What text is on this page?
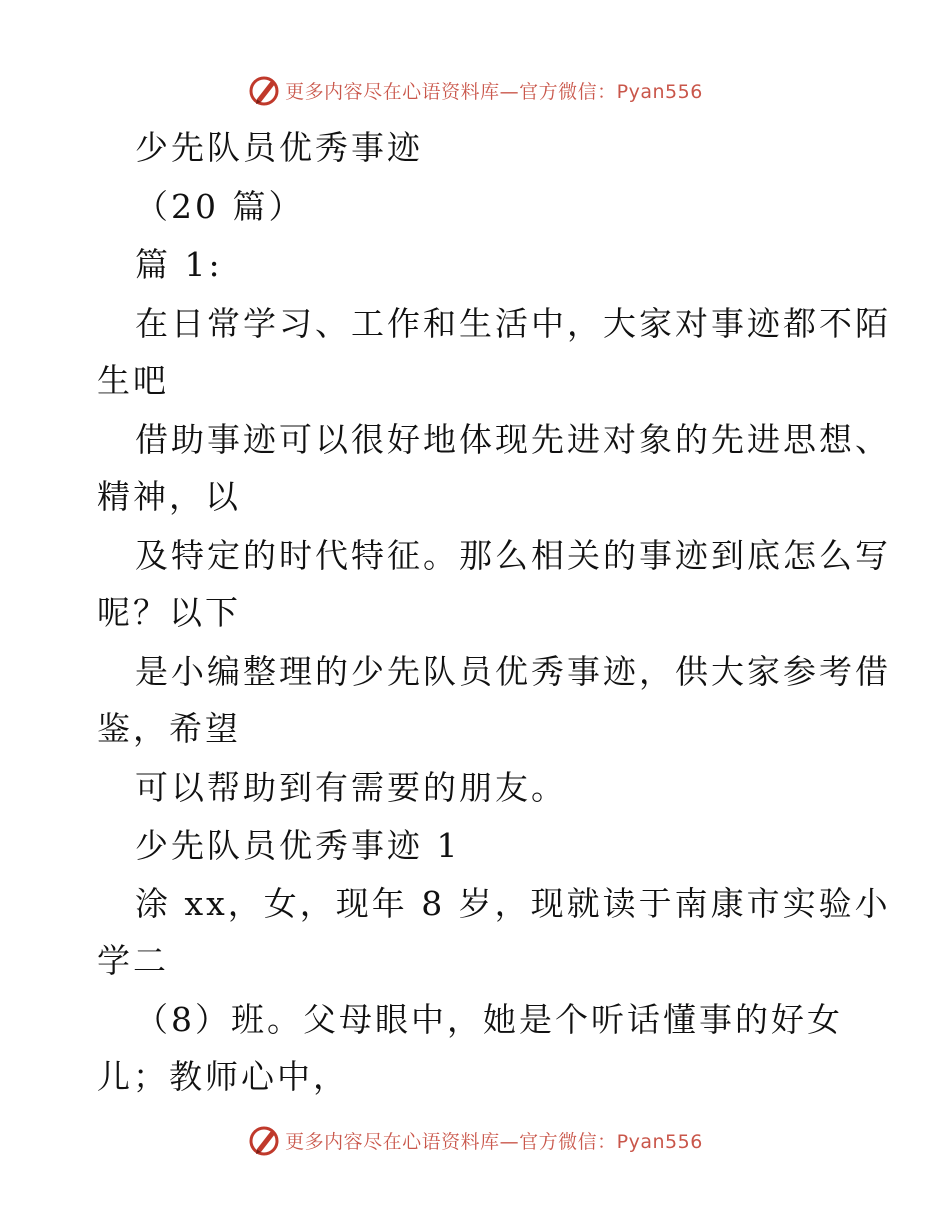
更多内容尽在心语资料库—官方微信：Pyan556
少先队员优秀事迹
（20 篇）
篇 1:
在日常学习、工作和生活中，大家对事迹都不陌
生吧
借助事迹可以很好地体现先进对象的先进思想、
精神，以
及特定的时代特征。那么相关的事迹到底怎么写
呢？以下
是小编整理的少先队员优秀事迹，供大家参考借
鉴，希望
可以帮助到有需要的朋友。
少先队员优秀事迹 1
涂 xx，女，现年 8 岁，现就读于南康市实验小
学二
（8）班。父母眼中，她是个听话懂事的好女
儿；教师心中，
更多内容尽在心语资料库—官方微信：Pyan556
